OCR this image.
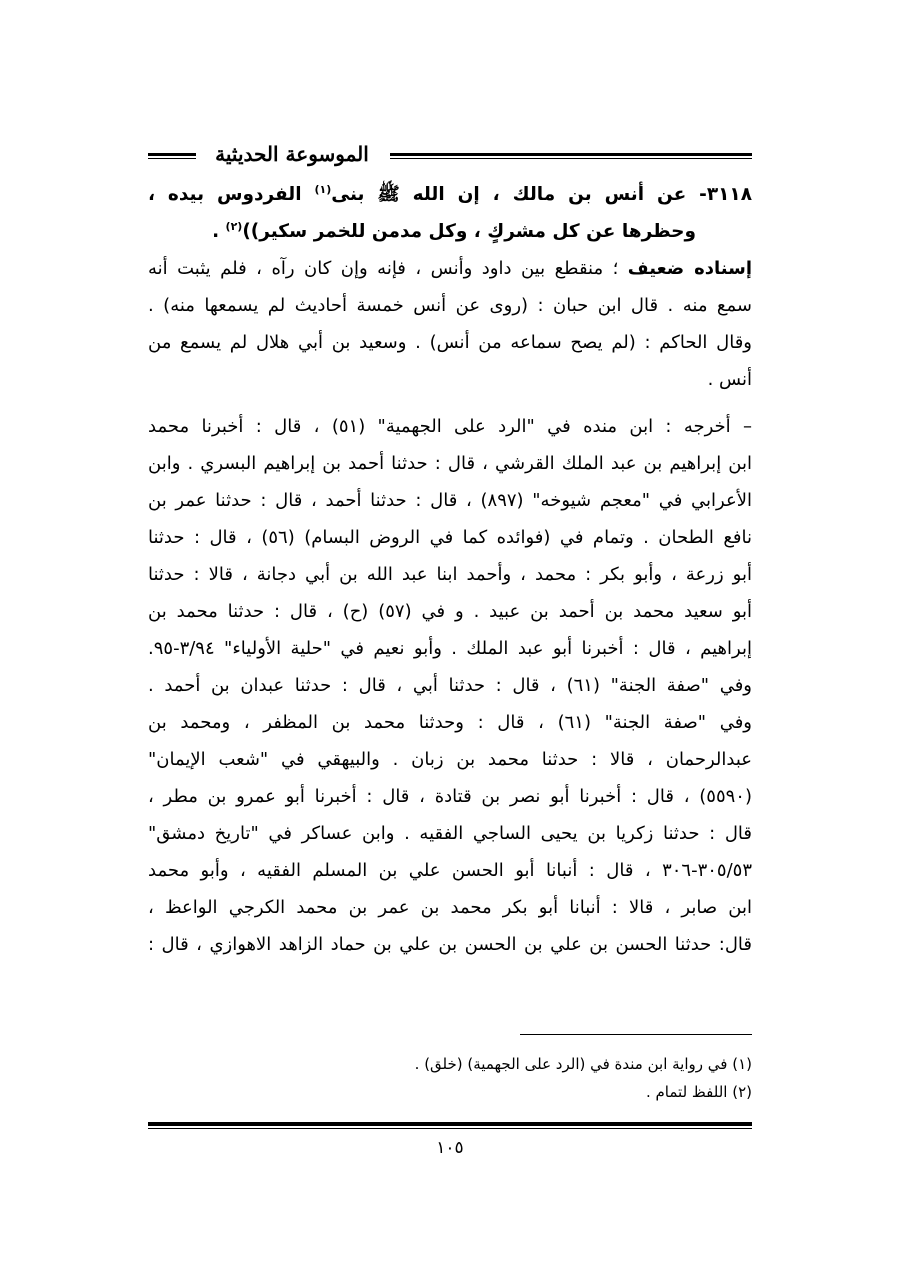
الموسوعة الحديثية
٣١١٨- عن أنس بن مالك ، إن الله ﷺ بنى$^{(١)}$ الفردوس بيده ،
وحظرها عن كل مشركٍ ، وكل مدمن للخمر سكير))$^{(٢)}$ .
إسناده ضعيف ؛ منقطع بين داود وأنس ، فإنه وإن كان رآه ، فلم يثبت أنه
سمع منه . قال ابن حبان : (روى عن أنس خمسة أحاديث لم يسمعها منه) .
وقال الحاكم : (لم يصح سماعه من أنس) . وسعيد بن أبي هلال لم يسمع من
أنس .
– أخرجه : ابن منده في "الرد على الجهمية" (٥١) ، قال : أخبرنا محمد
ابن إبراهيم بن عبد الملك القرشي ، قال : حدثنا أحمد بن إبراهيم البسري . وابن
الأعرابي في "معجم شيوخه" (٨٩٧) ، قال : حدثنا أحمد ، قال : حدثنا عمر بن
نافع الطحان . وتمام في (فوائده كما في الروض البسام) (٥٦) ، قال : حدثنا
أبو زرعة ، وأبو بكر : محمد ، وأحمد ابنا عبد الله بن أبي دجانة ، قالا : حدثنا
أبو سعيد محمد بن أحمد بن عبيد . و في (٥٧) (ح) ، قال : حدثنا محمد بن
إبراهيم ، قال : أخبرنا أبو عبد الملك . وأبو نعيم في "حلية الأولياء" ٣/٩٤-٩٥.
وفي "صفة الجنة" (٦١) ، قال : حدثنا أبي ، قال : حدثنا عبدان بن أحمد .
وفي "صفة الجنة" (٦١) ، قال : وحدثنا محمد بن المظفر ، ومحمد بن
عبدالرحمان ، قالا : حدثنا محمد بن زبان . والبيهقي في "شعب الإيمان"
(٥٥٩٠) ، قال : أخبرنا أبو نصر بن قتادة ، قال : أخبرنا أبو عمرو بن مطر ،
قال : حدثنا زكريا بن يحيى الساجي الفقيه . وابن عساكر في "تاريخ دمشق"
٣٠٥/٥٣-٣٠٦ ، قال : أنبانا أبو الحسن علي بن المسلم الفقيه ، وأبو محمد
ابن صابر ، قالا : أنبانا أبو بكر محمد بن عمر بن محمد الكرجي الواعظ ،
قال: حدثنا الحسن بن علي بن الحسن بن علي بن حماد الزاهد الاهوازي ، قال :
(١) في رواية ابن مندة في (الرد على الجهمية) (خلق) .
(٢) اللفظ لتمام .
١٠٥
